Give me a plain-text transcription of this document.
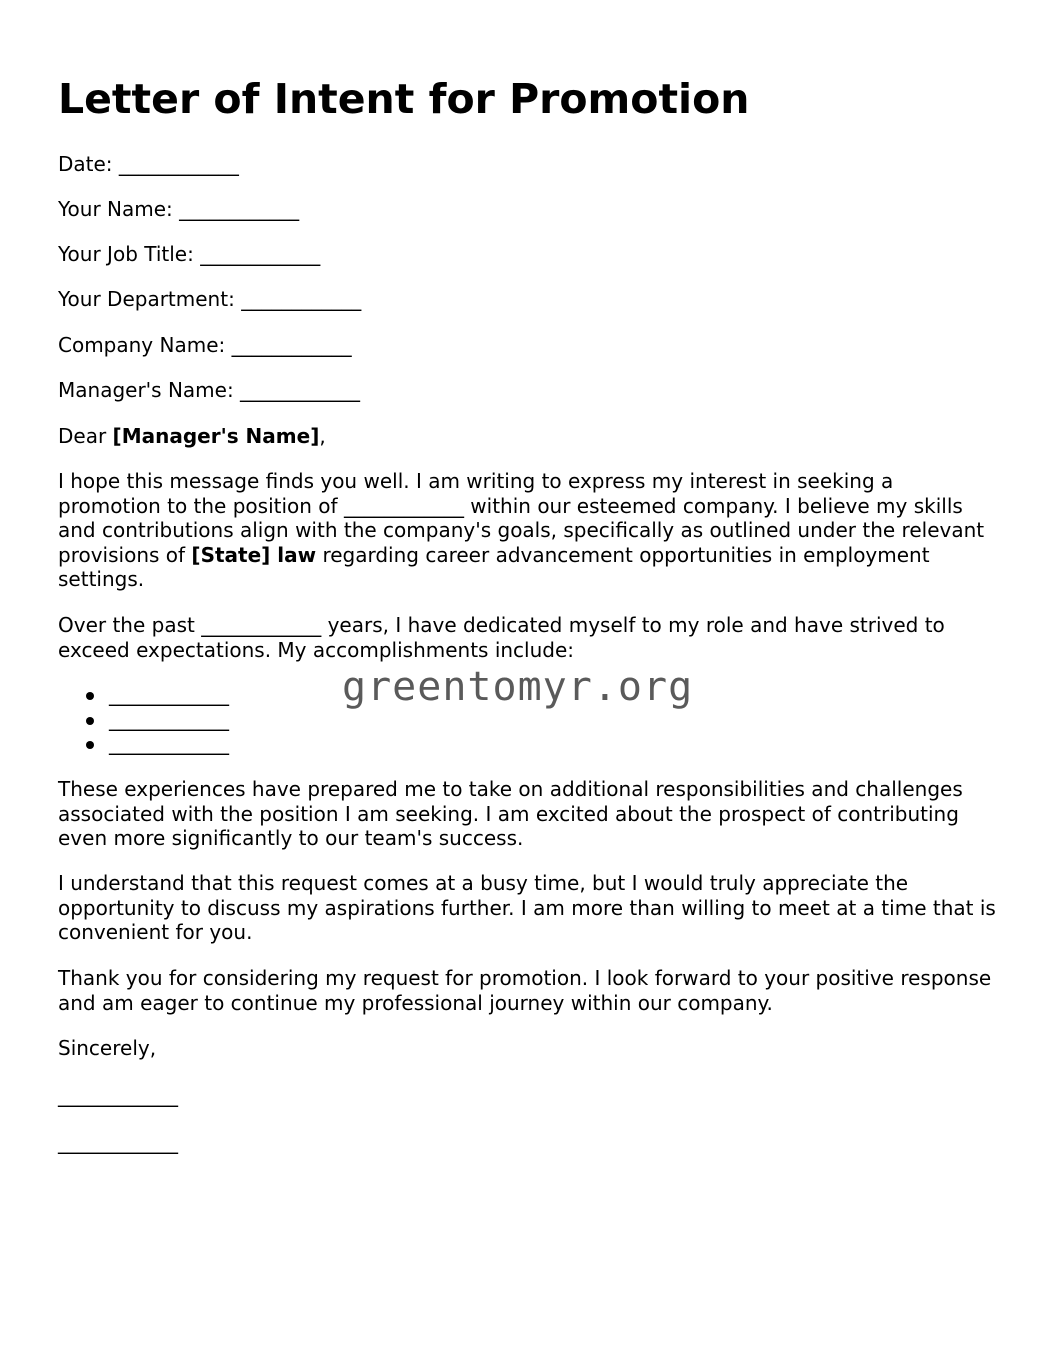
Letter of Intent for Promotion

Date: ____________

Your Name: ____________

Your Job Title: ____________

Your Department: ____________

Company Name: ____________

Manager's Name: ____________

Dear [Manager's Name],

I hope this message finds you well. I am writing to express my interest in seeking a promotion to the position of ____________ within our esteemed company. I believe my skills and contributions align with the company's goals, specifically as outlined under the relevant provisions of [State] law regarding career advancement opportunities in employment settings.

Over the past ____________ years, I have dedicated myself to my role and have strived to exceed expectations. My accomplishments include:

____________
____________
____________

These experiences have prepared me to take on additional responsibilities and challenges associated with the position I am seeking. I am excited about the prospect of contributing even more significantly to our team's success.

I understand that this request comes at a busy time, but I would truly appreciate the opportunity to discuss my aspirations further. I am more than willing to meet at a time that is convenient for you.

Thank you for considering my request for promotion. I look forward to your positive response and am eager to continue my professional journey within our company.

Sincerely,

____________

____________

greentomyr.org
